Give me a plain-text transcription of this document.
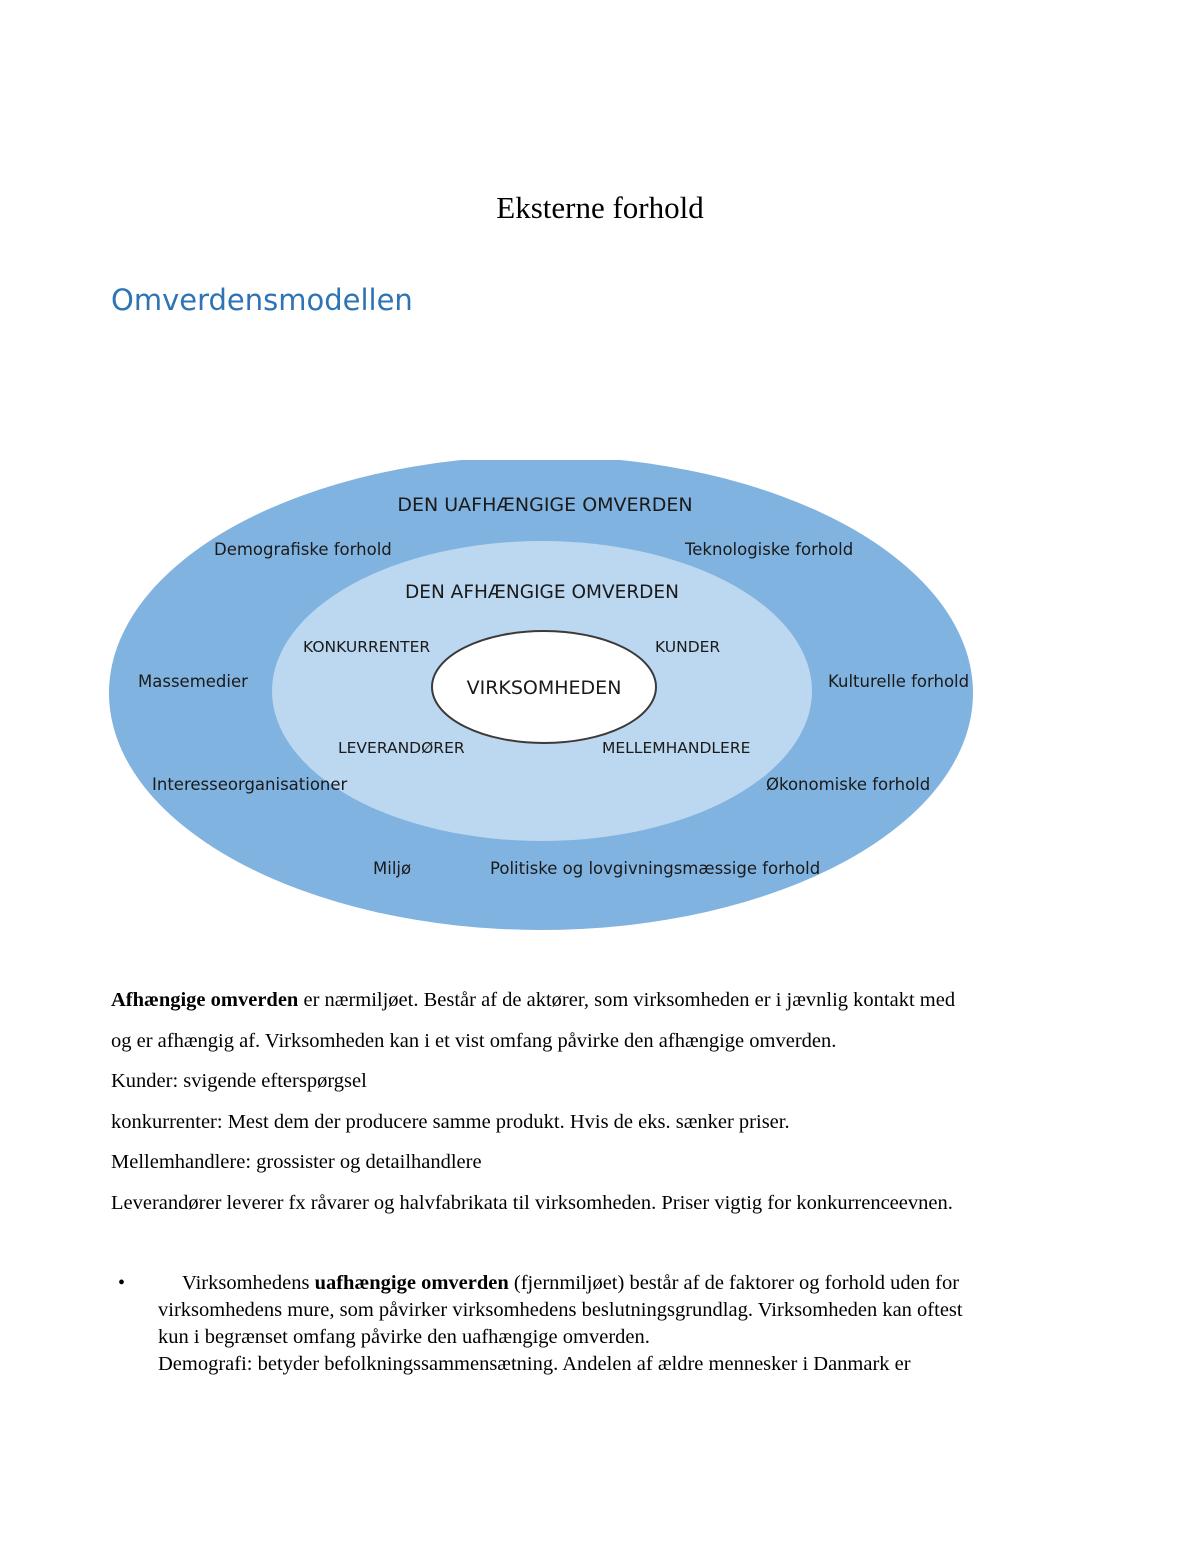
Eksterne forhold
Omverdensmodellen
DEN UAFHÆNGIGE OMVERDEN
Demografiske forhold	Teknologiske forhold
DEN AFHÆNGIGE OMVERDEN
KONKURRENTER	KUNDER
Massemedier	VIRKSOMHEDEN	Kulturelle forhold
LEVERANDØRER	MELLEMHANDLERE
Interesseorganisationer	Økonomiske forhold
Miljø	Politiske og lovgivningsmæssige forhold
Afhængige omverden er nærmiljøet. Består af de aktører, som virksomheden er i jævnlig kontakt med
og er afhængig af. Virksomheden kan i et vist omfang påvirke den afhængige omverden.
Kunder: svigende efterspørgsel
konkurrenter: Mest dem der producere samme produkt. Hvis de eks. sænker priser.
Mellemhandlere: grossister og detailhandlere
Leverandører leverer fx råvarer og halvfabrikata til virksomheden. Priser vigtig for konkurrenceevnen.
•	Virksomhedens uafhængige omverden (fjernmiljøet) består af de faktorer og forhold uden for
virksomhedens mure, som påvirker virksomhedens beslutningsgrundlag. Virksomheden kan oftest
kun i begrænset omfang påvirke den uafhængige omverden.
Demografi: betyder befolkningssammensætning. Andelen af ældre mennesker i Danmark er
